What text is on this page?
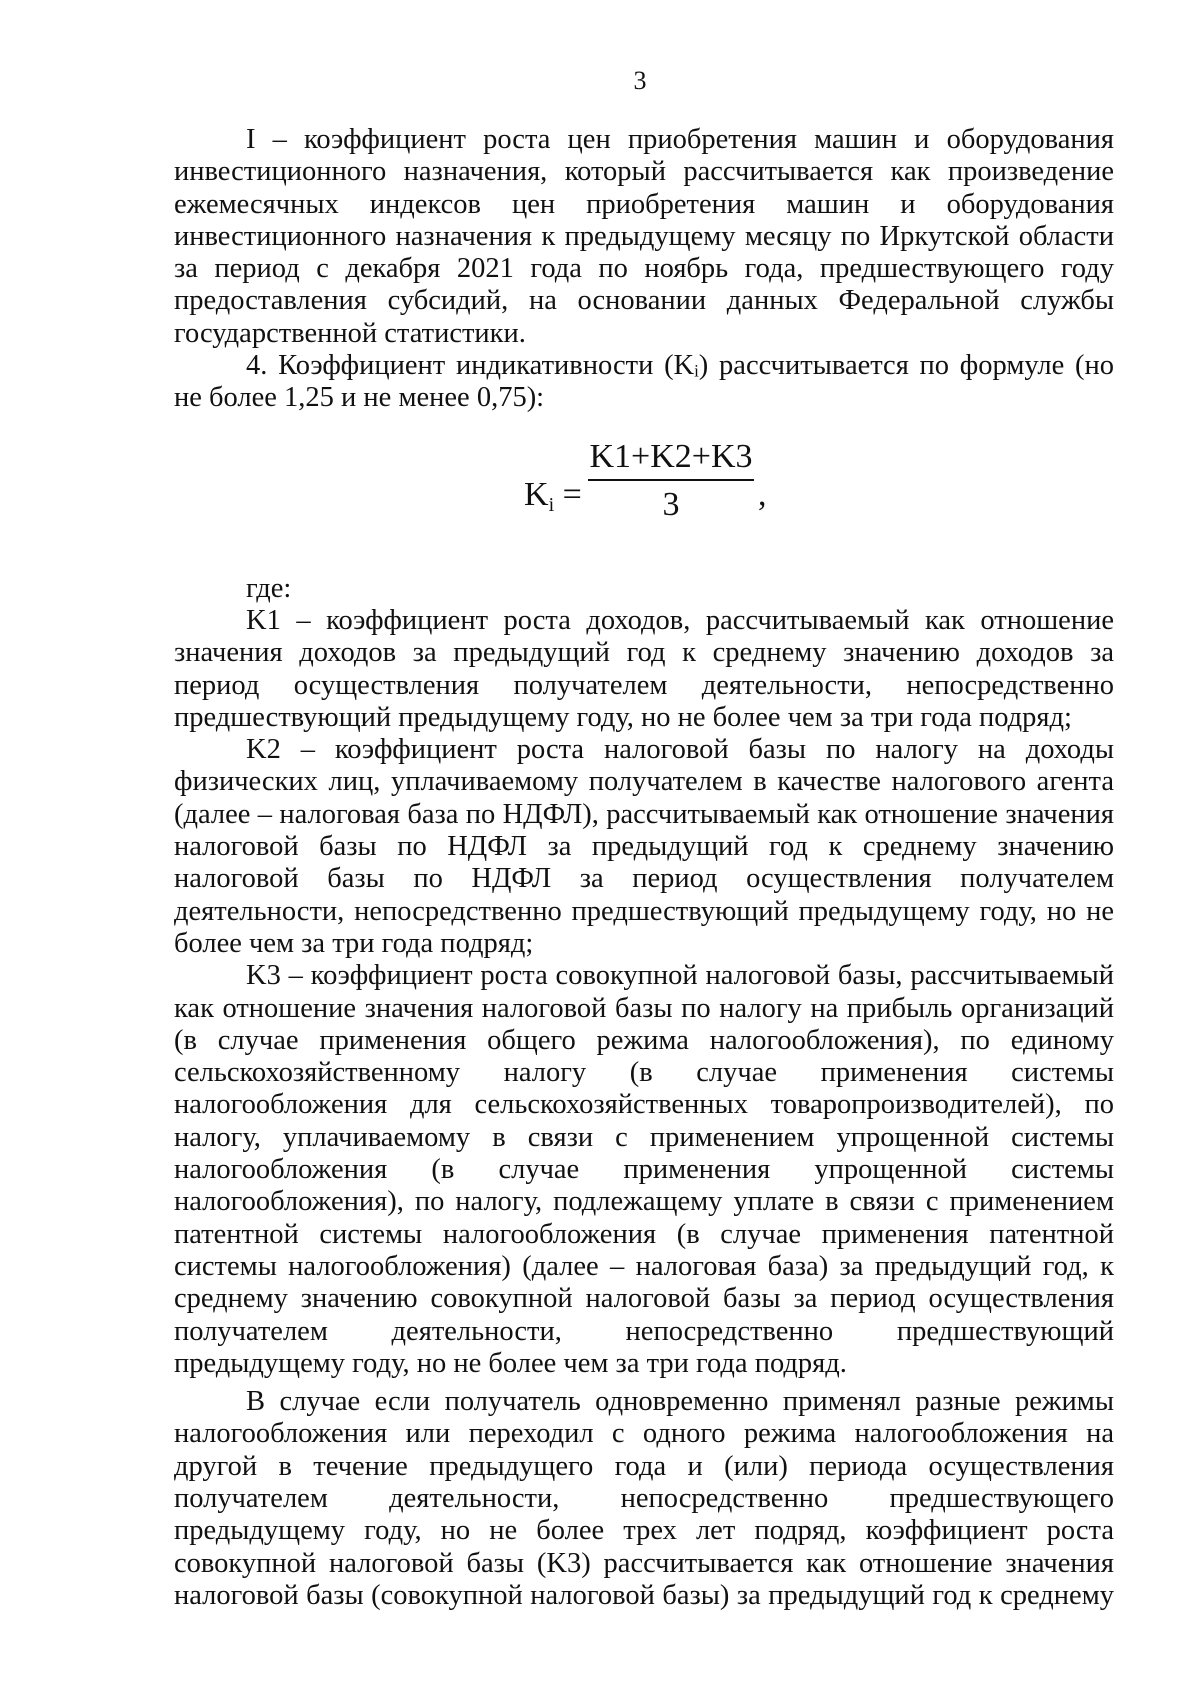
3

I – коэффициент роста цен приобретения машин и оборудования инвестиционного назначения, который рассчитывается как произведение ежемесячных индексов цен приобретения машин и оборудования инвестиционного назначения к предыдущему месяцу по Иркутской области за период с декабря 2021 года по ноябрь года, предшествующего году предоставления субсидий, на основании данных Федеральной службы государственной статистики.

4. Коэффициент индикативности (Kᵢ) рассчитывается по формуле (но не более 1,25 и не менее 0,75):

$K_i$ =
K1+K2+K3
3	,

где:

K1 – коэффициент роста доходов, рассчитываемый как отношение значения доходов за предыдущий год к среднему значению доходов за период осуществления получателем деятельности, непосредственно предшествующий предыдущему году, но не более чем за три года подряд;

K2 – коэффициент роста налоговой базы по налогу на доходы физических лиц, уплачиваемому получателем в качестве налогового агента (далее – налоговая база по НДФЛ), рассчитываемый как отношение значения налоговой базы по НДФЛ за предыдущий год к среднему значению налоговой базы по НДФЛ за период осуществления получателем деятельности, непосредственно предшествующий предыдущему году, но не более чем за три года подряд;

K3 – коэффициент роста совокупной налоговой базы, рассчитываемый как отношение значения налоговой базы по налогу на прибыль организаций (в случае применения общего режима налогообложения), по единому сельскохозяйственному налогу (в случае применения системы налогообложения для сельскохозяйственных товаропроизводителей), по налогу, уплачиваемому в связи с применением упрощенной системы налогообложения (в случае применения упрощенной системы налогообложения), по налогу, подлежащему уплате в связи с применением патентной системы налогообложения (в случае применения патентной системы налогообложения) (далее – налоговая база) за предыдущий год, к среднему значению совокупной налоговой базы за период осуществления получателем деятельности, непосредственно предшествующий предыдущему году, но не более чем за три года подряд.

В случае если получатель одновременно применял разные режимы налогообложения или переходил с одного режима налогообложения на другой в течение предыдущего года и (или) периода осуществления получателем деятельности, непосредственно предшествующего предыдущему году, но не более трех лет подряд, коэффициент роста совокупной налоговой базы (K3) рассчитывается как отношение значения налоговой базы (совокупной налоговой базы) за предыдущий год к среднему
